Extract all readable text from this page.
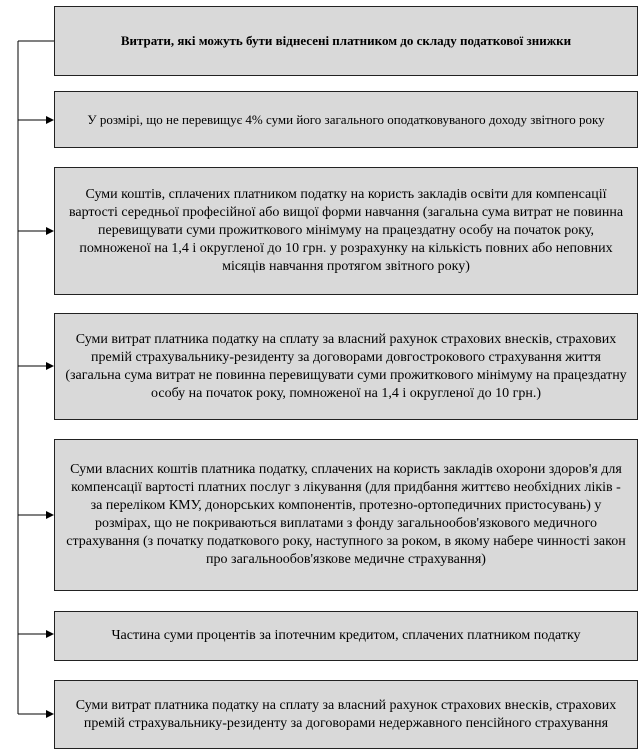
Витрати, які можуть бути віднесені платником до складу податкової знижки
У розмірі, що не перевищує 4% суми його загального оподатковуваного доходу звітного року
Суми коштів, сплачених платником податку на користь закладів освіти для компенсації вартості середньої професійної або вищої форми навчання (загальна сума витрат не повинна перевищувати суми прожиткового мінімуму на працездатну особу на початок року, помноженої на 1,4 і округленої до 10 грн. у розрахунку на кількість повних або неповних місяців навчання протягом звітного року)
Суми витрат платника податку на сплату за власний рахунок страхових внесків, страхових премій страхувальнику-резиденту за договорами довгострокового страхування життя (загальна сума витрат не повинна перевищувати суми прожиткового мінімуму на працездатну особу на початок року, помноженої на 1,4 і округленої до 10 грн.)
Суми власних коштів платника податку, сплачених на користь закладів охорони здоров'я для компенсації вартості платних послуг з лікування (для придбання життєво необхідних ліків - за переліком КМУ, донорських компонентів, протезно-ортопедичних пристосувань) у розмірах, що не покриваються виплатами з фонду загальнообов'язкового медичного страхування (з початку податкового року, наступного за роком, в якому набере чинності закон про загальнообов'язкове медичне страхування)
Частина суми процентів за іпотечним кредитом, сплачених платником податку
Суми витрат платника податку на сплату за власний рахунок страхових внесків, страхових премій страхувальнику-резиденту за договорами недержавного пенсійного страхування
